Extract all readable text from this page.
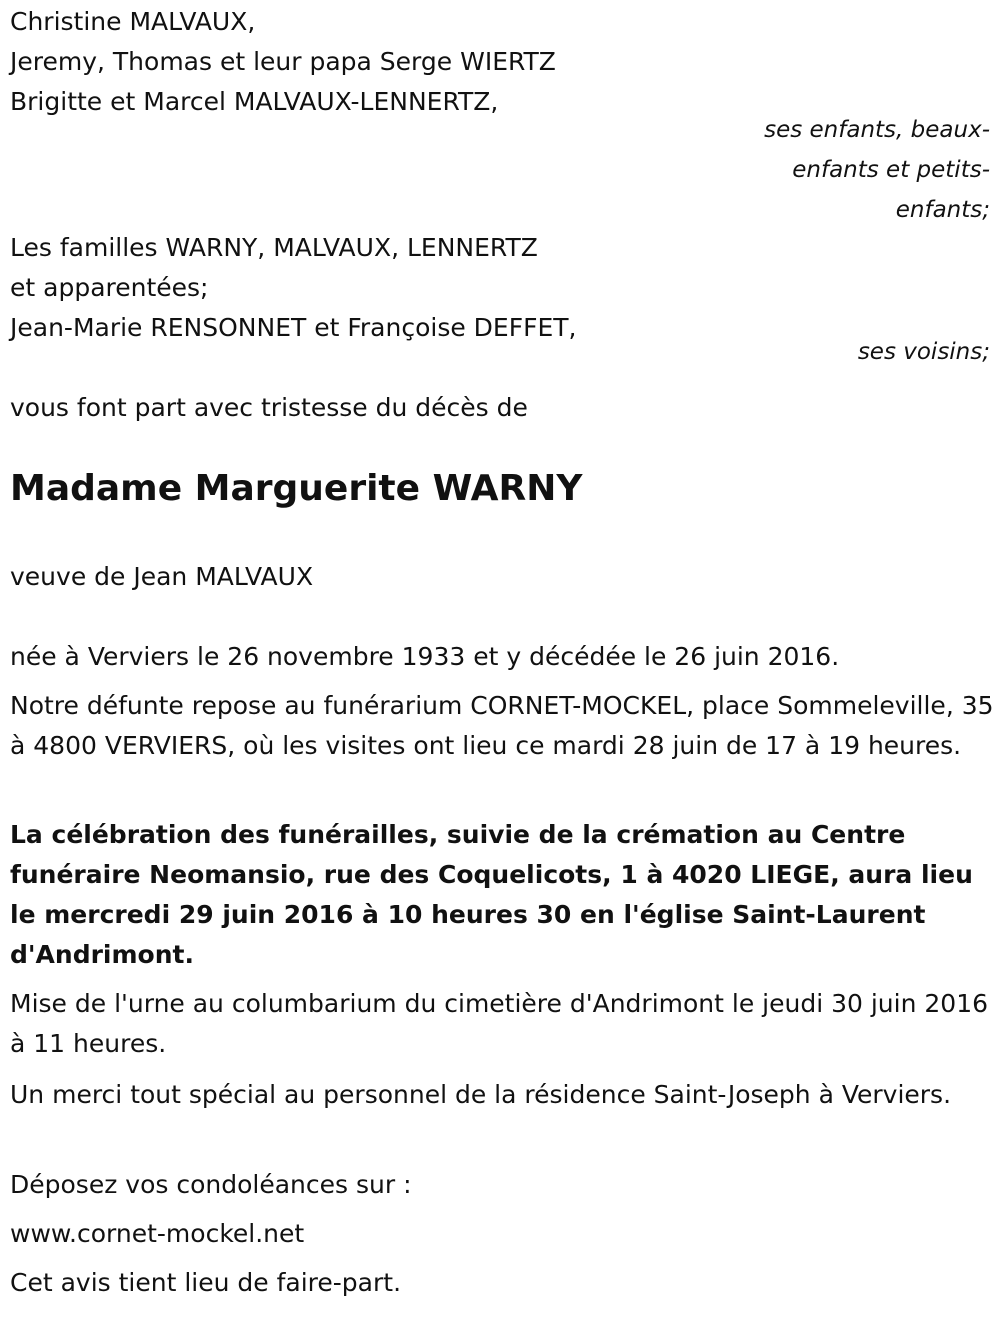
Christine MALVAUX,

Jeremy, Thomas et leur papa Serge WIERTZ

Brigitte et Marcel MALVAUX-LENNERTZ,

ses enfants, beaux-

enfants et petits-

enfants;

Les familles WARNY, MALVAUX, LENNERTZ

et apparentées;

Jean-Marie RENSONNET et Françoise DEFFET,

ses voisins;

vous font part avec tristesse du décès de

Madame Marguerite WARNY

veuve de Jean MALVAUX

née à Verviers le 26 novembre 1933 et y décédée le 26 juin 2016.

Notre défunte repose au funérarium CORNET-MOCKEL, place Sommeleville, 35 à 4800 VERVIERS, où les visites ont lieu ce mardi 28 juin de 17 à 19 heures.

La célébration des funérailles, suivie de la crémation au Centre funéraire Neomansio, rue des Coquelicots, 1 à 4020 LIEGE, aura lieu le mercredi 29 juin 2016 à 10 heures 30 en l'église Saint-Laurent d'Andrimont.

Mise de l'urne au columbarium du cimetière d'Andrimont le jeudi 30 juin 2016 à 11 heures.

Un merci tout spécial au personnel de la résidence Saint-Joseph à Verviers.

Déposez vos condoléances sur :

www.cornet-mockel.net

Cet avis tient lieu de faire-part.
